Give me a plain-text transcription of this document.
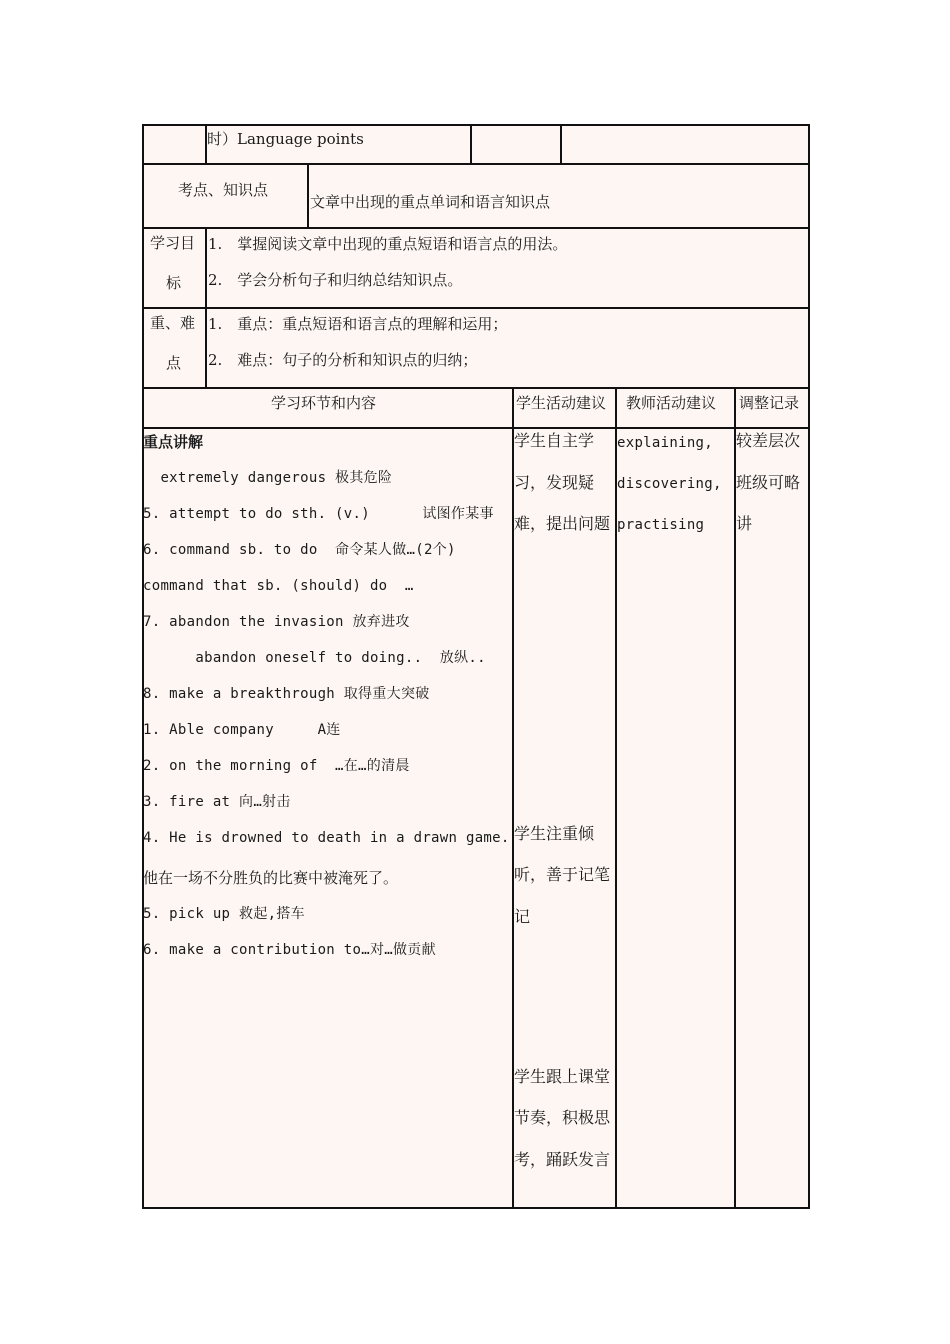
时）Language points
考点、知识点
文章中出现的重点单词和语言知识点
学习目
标
1.　掌握阅读文章中出现的重点短语和语言点的用法。
2.　学会分析句子和归纳总结知识点。
重、难
点
1.　重点：重点短语和语言点的理解和运用；
2.　难点：句子的分析和知识点的归纳；
学习环节和内容	学生活动建议 教师活动建议 调整记录
重点讲解
extremely dangerous 极其危险
5. attempt to do sth. (v.)      试图作某事
6. command sb. to do  命令某人做…(2个)
command that sb. (should) do  …
7. abandon the invasion 放弃进攻
abandon oneself to doing..  放纵..
8. make a breakthrough 取得重大突破
1. Able company     A连
2. on the morning of  …在…的清晨
3. fire at 向…射击
4. He is drowned to death in a drawn game.
他在一场不分胜负的比赛中被淹死了。
5. pick up 救起,搭车
6. make a contribution to…对…做贡献
学生自主学
习，发现疑
难，提出问题
学生注重倾
听，善于记笔
记
学生跟上课堂
节奏，积极思
考，踊跃发言
explaining,
discovering,
practising
较差层次
班级可略
讲
